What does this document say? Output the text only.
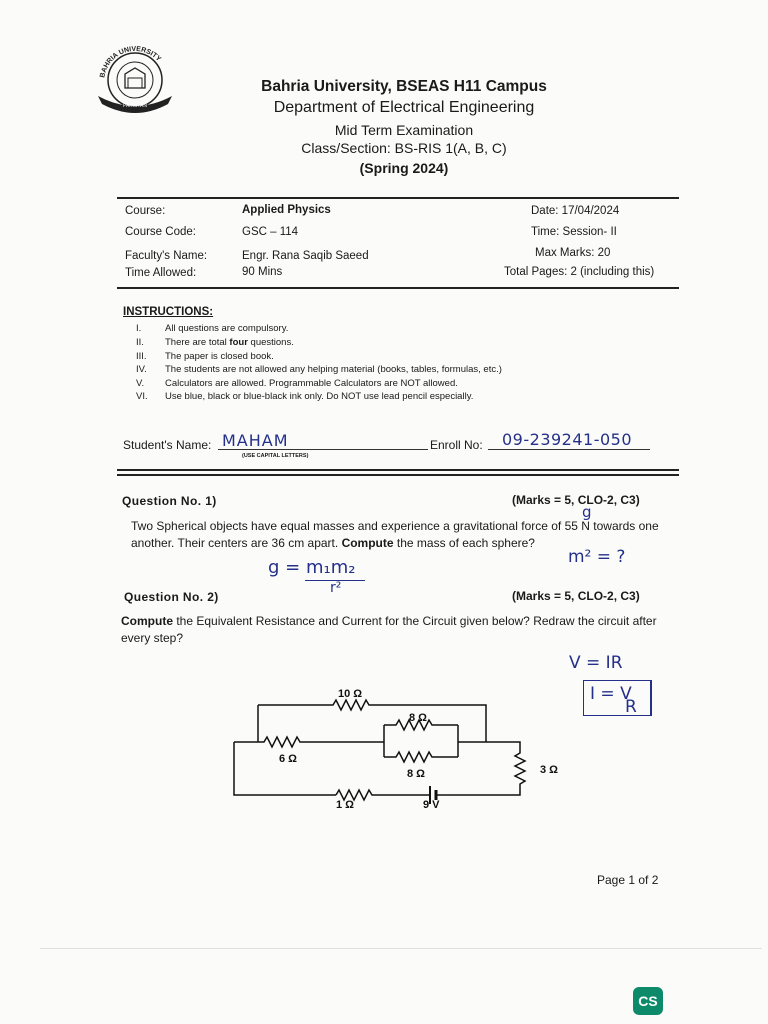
BAHRIA UNIVERSITY
PAKISTAN
Bahria University, BSEAS H11 Campus
Department of Electrical Engineering
Mid Term Examination
Class/Section: BS-RIS 1(A, B, C)
(Spring 2024)
Course:	Applied Physics	Date: 17/04/2024
Course Code:	GSC – 114	Time: Session- II
Faculty's Name:	Engr. Rana Saqib Saeed	Max Marks: 20
Time Allowed:	90 Mins	Total Pages: 2 (including this)
INSTRUCTIONS:
I. All questions are compulsory.
II. There are total four questions.
III. The paper is closed book.
IV. The students are not allowed any helping material (books, tables, formulas, etc.)
V. Calculators are allowed. Programmable Calculators are NOT allowed.
VI. Use blue, black or blue-black ink only. Do NOT use lead pencil especially.
Student's Name: MAHAM
(USE CAPITAL LETTERS)
Enroll No: 09-239241-050
Question No. 1)	(Marks = 5, CLO-2, C3)
Two Spherical objects have equal masses and experience a gravitational force of 55 N towards one another. Their centers are 36 cm apart. Compute the mass of each sphere?
g
m² = ?
g = m₁m₂
r²
Question No. 2)	(Marks = 5, CLO-2, C3)
Compute the Equivalent Resistance and Current for the Circuit given below? Redraw the circuit after every step?
V = IR
I = V
R
10 Ω
6 Ω
8 Ω
8 Ω	3 Ω
1 Ω	9 V
Page 1 of 2
CS
